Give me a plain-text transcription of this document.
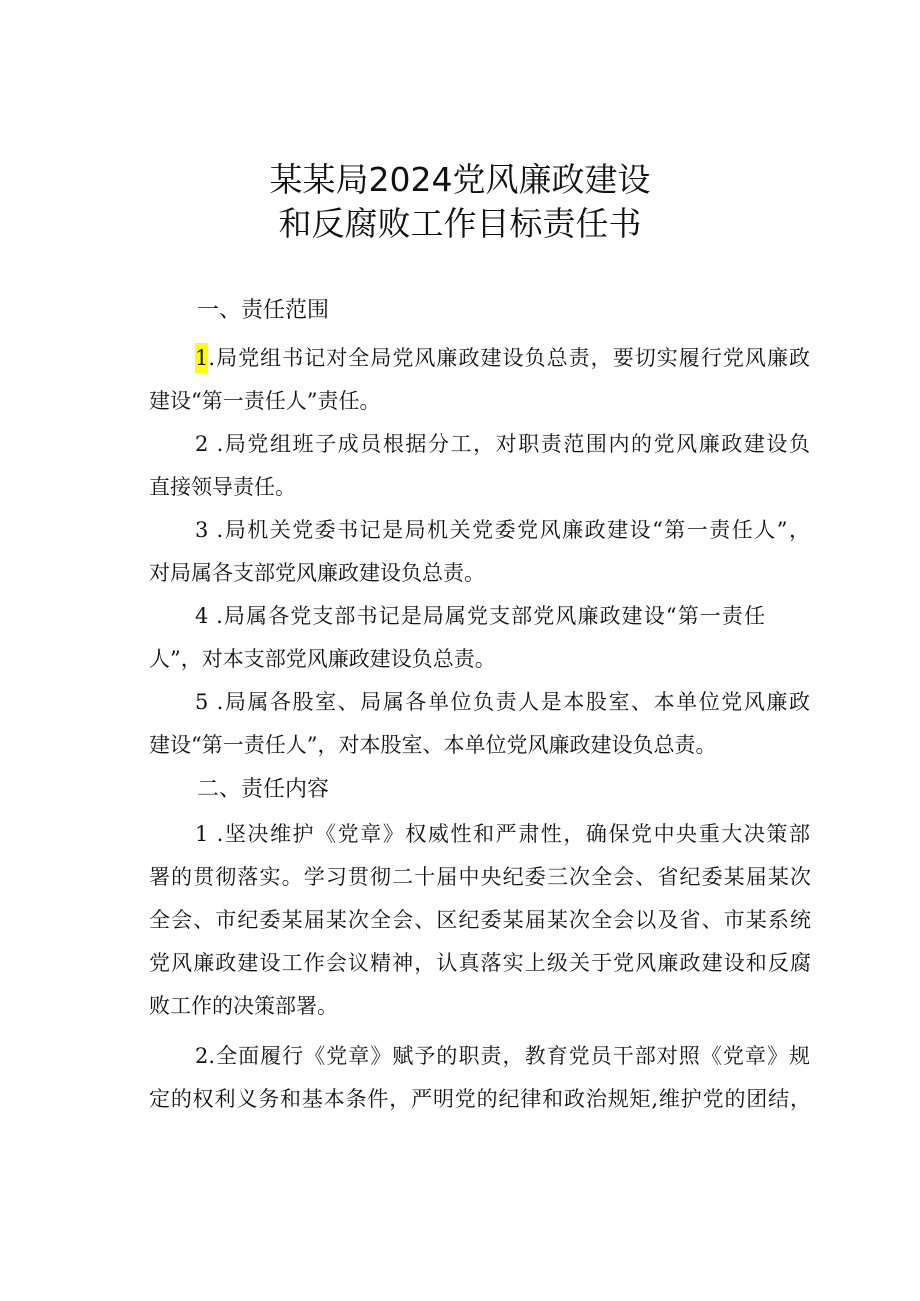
某某局2024党风廉政建设
和反腐败工作目标责任书
一、责任范围
1.局党组书记对全局党风廉政建设负总责，要切实履行党风廉政
建设“第一责任人”责任。
2 .局党组班子成员根据分工，对职责范围内的党风廉政建设负
直接领导责任。
3 .局机关党委书记是局机关党委党风廉政建设“第一责任人”，
对局属各支部党风廉政建设负总责。
4 .局属各党支部书记是局属党支部党风廉政建设“第一责任
人”，对本支部党风廉政建设负总责。
5 .局属各股室、局属各单位负责人是本股室、本单位党风廉政
建设“第一责任人”，对本股室、本单位党风廉政建设负总责。
二、责任内容
1 .坚决维护《党章》权威性和严肃性，确保党中央重大决策部
署的贯彻落实。学习贯彻二十届中央纪委三次全会、省纪委某届某次
全会、市纪委某届某次全会、区纪委某届某次全会以及省、市某系统
党风廉政建设工作会议精神，认真落实上级关于党风廉政建设和反腐
败工作的决策部署。
2.全面履行《党章》赋予的职责，教育党员干部对照《党章》规
定的权利义务和基本条件，严明党的纪律和政治规矩,维护党的团结，
